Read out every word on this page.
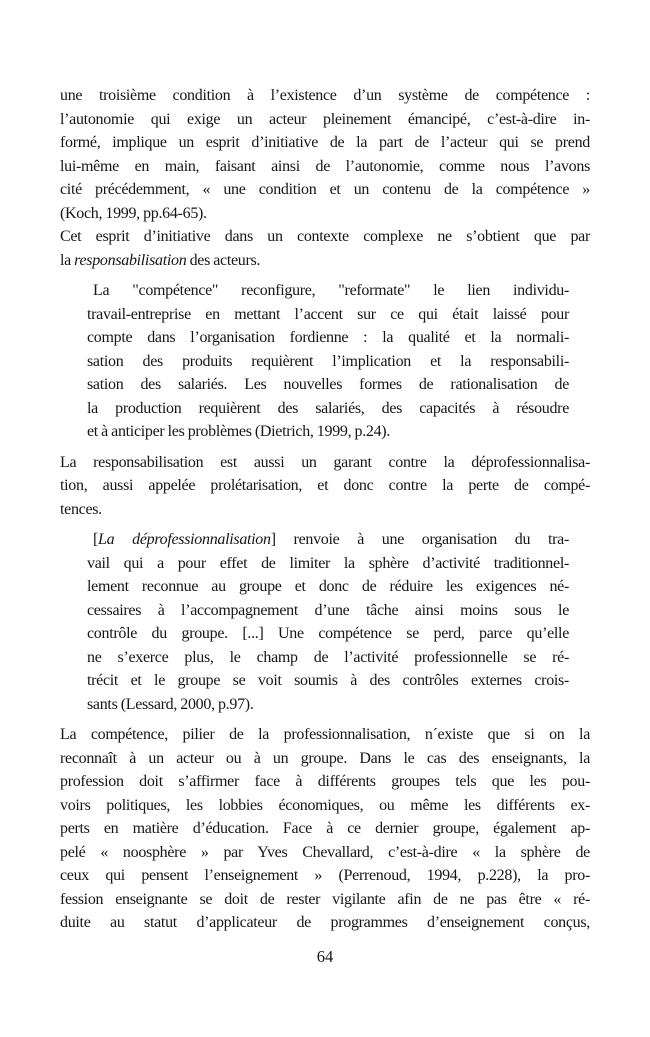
une troisième condition à l’existence d’un système de compétence :
l’autonomie qui exige un acteur pleinement émancipé, c’est-à-dire in-
formé, implique un esprit d’initiative de la part de l’acteur qui se prend
lui-même en main, faisant ainsi de l’autonomie, comme nous l’avons
cité précédemment, « une condition et un contenu de la compétence »
(Koch, 1999, pp.64-65).
Cet esprit d’initiative dans un contexte complexe ne s’obtient que par
la responsabilisation des acteurs.
La "compétence" reconfigure, "reformate" le lien individu-
travail-entreprise en mettant l’accent sur ce qui était laissé pour
compte dans l’organisation fordienne : la qualité et la normali-
sation des produits requièrent l’implication et la responsabili-
sation des salariés. Les nouvelles formes de rationalisation de
la production requièrent des salariés, des capacités à résoudre
et à anticiper les problèmes (Dietrich, 1999, p.24).
La responsabilisation est aussi un garant contre la déprofessionnalisa-
tion, aussi appelée prolétarisation, et donc contre la perte de compé-
tences.
[La déprofessionnalisation] renvoie à une organisation du tra-
vail qui a pour effet de limiter la sphère d’activité traditionnel-
lement reconnue au groupe et donc de réduire les exigences né-
cessaires à l’accompagnement d’une tâche ainsi moins sous le
contrôle du groupe. [...] Une compétence se perd, parce qu’elle
ne s’exerce plus, le champ de l’activité professionnelle se ré-
trécit et le groupe se voit soumis à des contrôles externes crois-
sants (Lessard, 2000, p.97).
La compétence, pilier de la professionnalisation, n´existe que si on la
reconnaît à un acteur ou à un groupe. Dans le cas des enseignants, la
profession doit s’affirmer face à différents groupes tels que les pou-
voirs politiques, les lobbies économiques, ou même les différents ex-
perts en matière d’éducation. Face à ce dernier groupe, également ap-
pelé « noosphère » par Yves Chevallard, c’est-à-dire « la sphère de
ceux qui pensent l’enseignement » (Perrenoud, 1994, p.228), la pro-
fession enseignante se doit de rester vigilante afin de ne pas être « ré-
duite au statut d’applicateur de programmes d’enseignement conçus,
64
